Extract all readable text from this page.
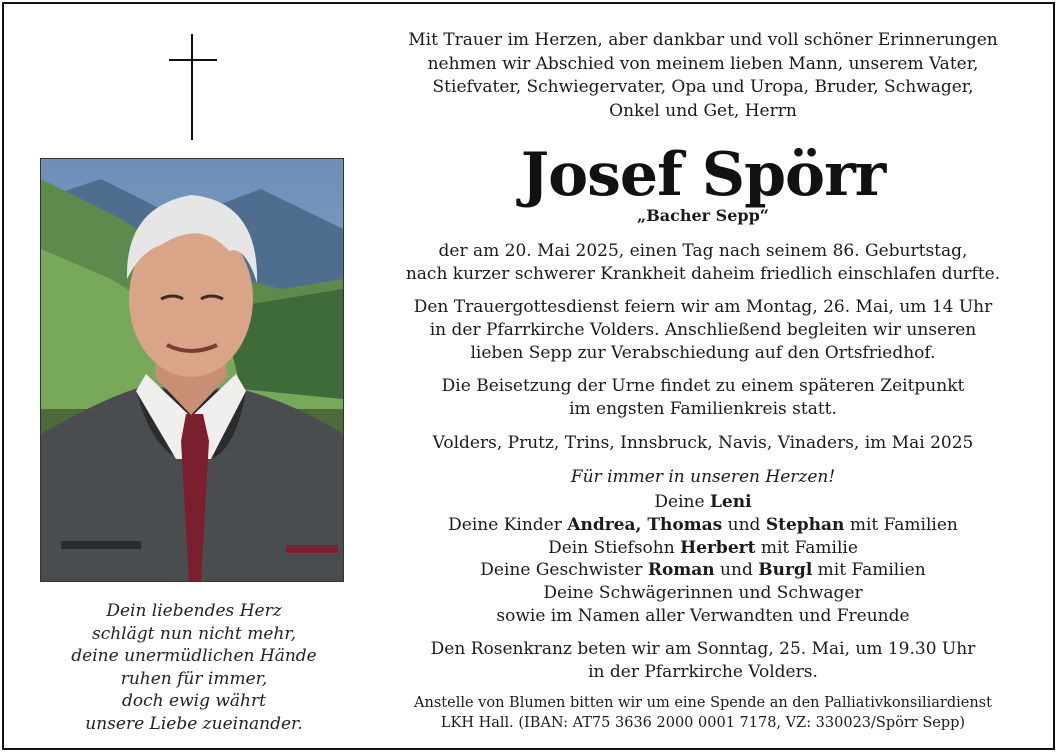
Dein liebendes Herz
schlägt nun nicht mehr,
deine unermüdlichen Hände
ruhen für immer,
doch ewig währt
unsere Liebe zueinander.
Mit Trauer im Herzen, aber dankbar und voll schöner Erinnerungen
nehmen wir Abschied von meinem lieben Mann, unserem Vater,
Stiefvater, Schwiegervater, Opa und Uropa, Bruder, Schwager,
Onkel und Get, Herrn
Josef Spörr
„Bacher Sepp“
der am 20. Mai 2025, einen Tag nach seinem 86. Geburtstag,
nach kurzer schwerer Krankheit daheim friedlich einschlafen durfte.
Den Trauergottesdienst feiern wir am Montag, 26. Mai, um 14 Uhr
in der Pfarrkirche Volders. Anschließend begleiten wir unseren
lieben Sepp zur Verabschiedung auf den Ortsfriedhof.
Die Beisetzung der Urne findet zu einem späteren Zeitpunkt
im engsten Familienkreis statt.
Volders, Prutz, Trins, Innsbruck, Navis, Vinaders, im Mai 2025
Für immer in unseren Herzen!
Deine Leni
Deine Kinder Andrea, Thomas und Stephan mit Familien
Dein Stiefsohn Herbert mit Familie
Deine Geschwister Roman und Burgl mit Familien
Deine Schwägerinnen und Schwager
sowie im Namen aller Verwandten und Freunde
Den Rosenkranz beten wir am Sonntag, 25. Mai, um 19.30 Uhr
in der Pfarrkirche Volders.
Anstelle von Blumen bitten wir um eine Spende an den Palliativkonsiliardienst
LKH Hall. (IBAN: AT75 3636 2000 0001 7178, VZ: 330023/Spörr Sepp)
